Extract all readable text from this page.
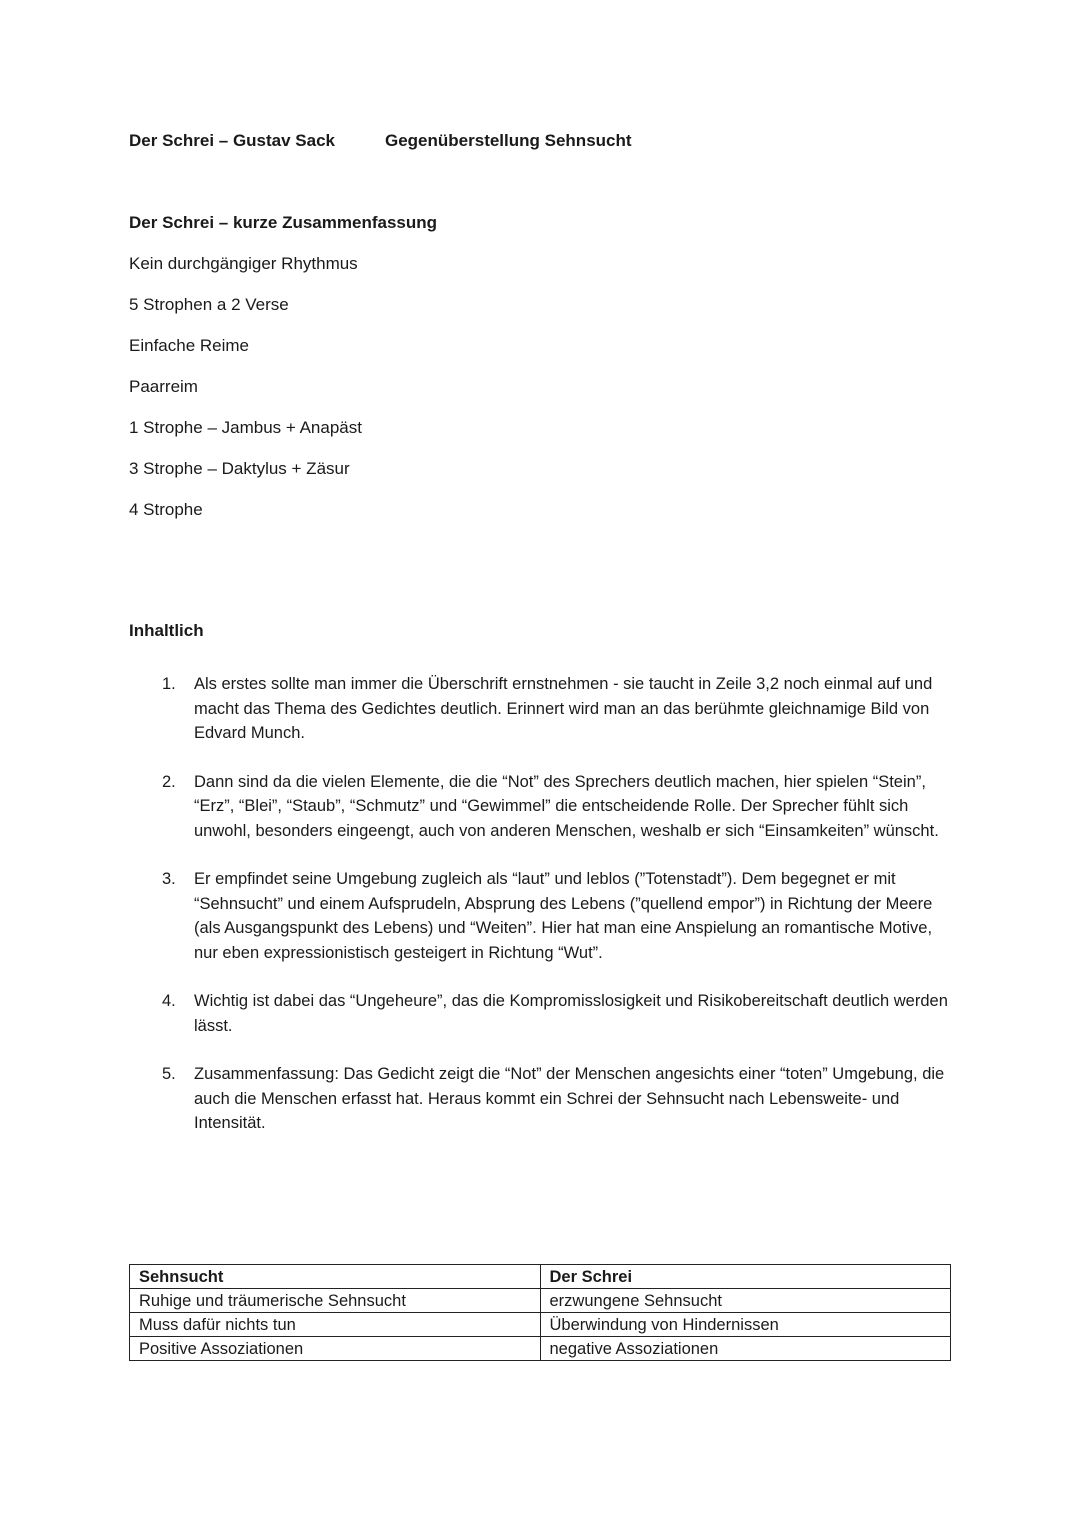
Der Schrei – Gustav Sack	Gegenüberstellung Sehnsucht
Der Schrei – kurze Zusammenfassung
Kein durchgängiger Rhythmus
5 Strophen a 2 Verse
Einfache Reime
Paarreim
1 Strophe – Jambus + Anapäst
3 Strophe – Daktylus + Zäsur
4 Strophe
Inhaltlich
1. Als erstes sollte man immer die Überschrift ernstnehmen - sie taucht in Zeile 3,2 noch einmal auf und macht das Thema des Gedichtes deutlich. Erinnert wird man an das berühmte gleichnamige Bild von Edvard Munch.
2. Dann sind da die vielen Elemente, die die “Not” des Sprechers deutlich machen, hier spielen “Stein”, “Erz”, “Blei”, “Staub”, “Schmutz” und “Gewimmel” die entscheidende Rolle. Der Sprecher fühlt sich unwohl, besonders eingeengt, auch von anderen Menschen, weshalb er sich “Einsamkeiten” wünscht.
3. Er empfindet seine Umgebung zugleich als “laut” und leblos (”Totenstadt”). Dem begegnet er mit “Sehnsucht” und einem Aufsprudeln, Absprung des Lebens (”quellend empor”) in Richtung der Meere (als Ausgangspunkt des Lebens) und “Weiten”. Hier hat man eine Anspielung an romantische Motive, nur eben expressionistisch gesteigert in Richtung “Wut”.
4. Wichtig ist dabei das “Ungeheure”, das die Kompromisslosigkeit und Risikobereitschaft deutlich werden lässt.
5. Zusammenfassung: Das Gedicht zeigt die “Not” der Menschen angesichts einer “toten” Umgebung, die auch die Menschen erfasst hat. Heraus kommt ein Schrei der Sehnsucht nach Lebensweite- und Intensität.
Sehnsucht	Der Schrei
Ruhige und träumerische Sehnsucht	erzwungene Sehnsucht
Muss dafür nichts tun	Überwindung von Hindernissen
Positive Assoziationen	negative Assoziationen
